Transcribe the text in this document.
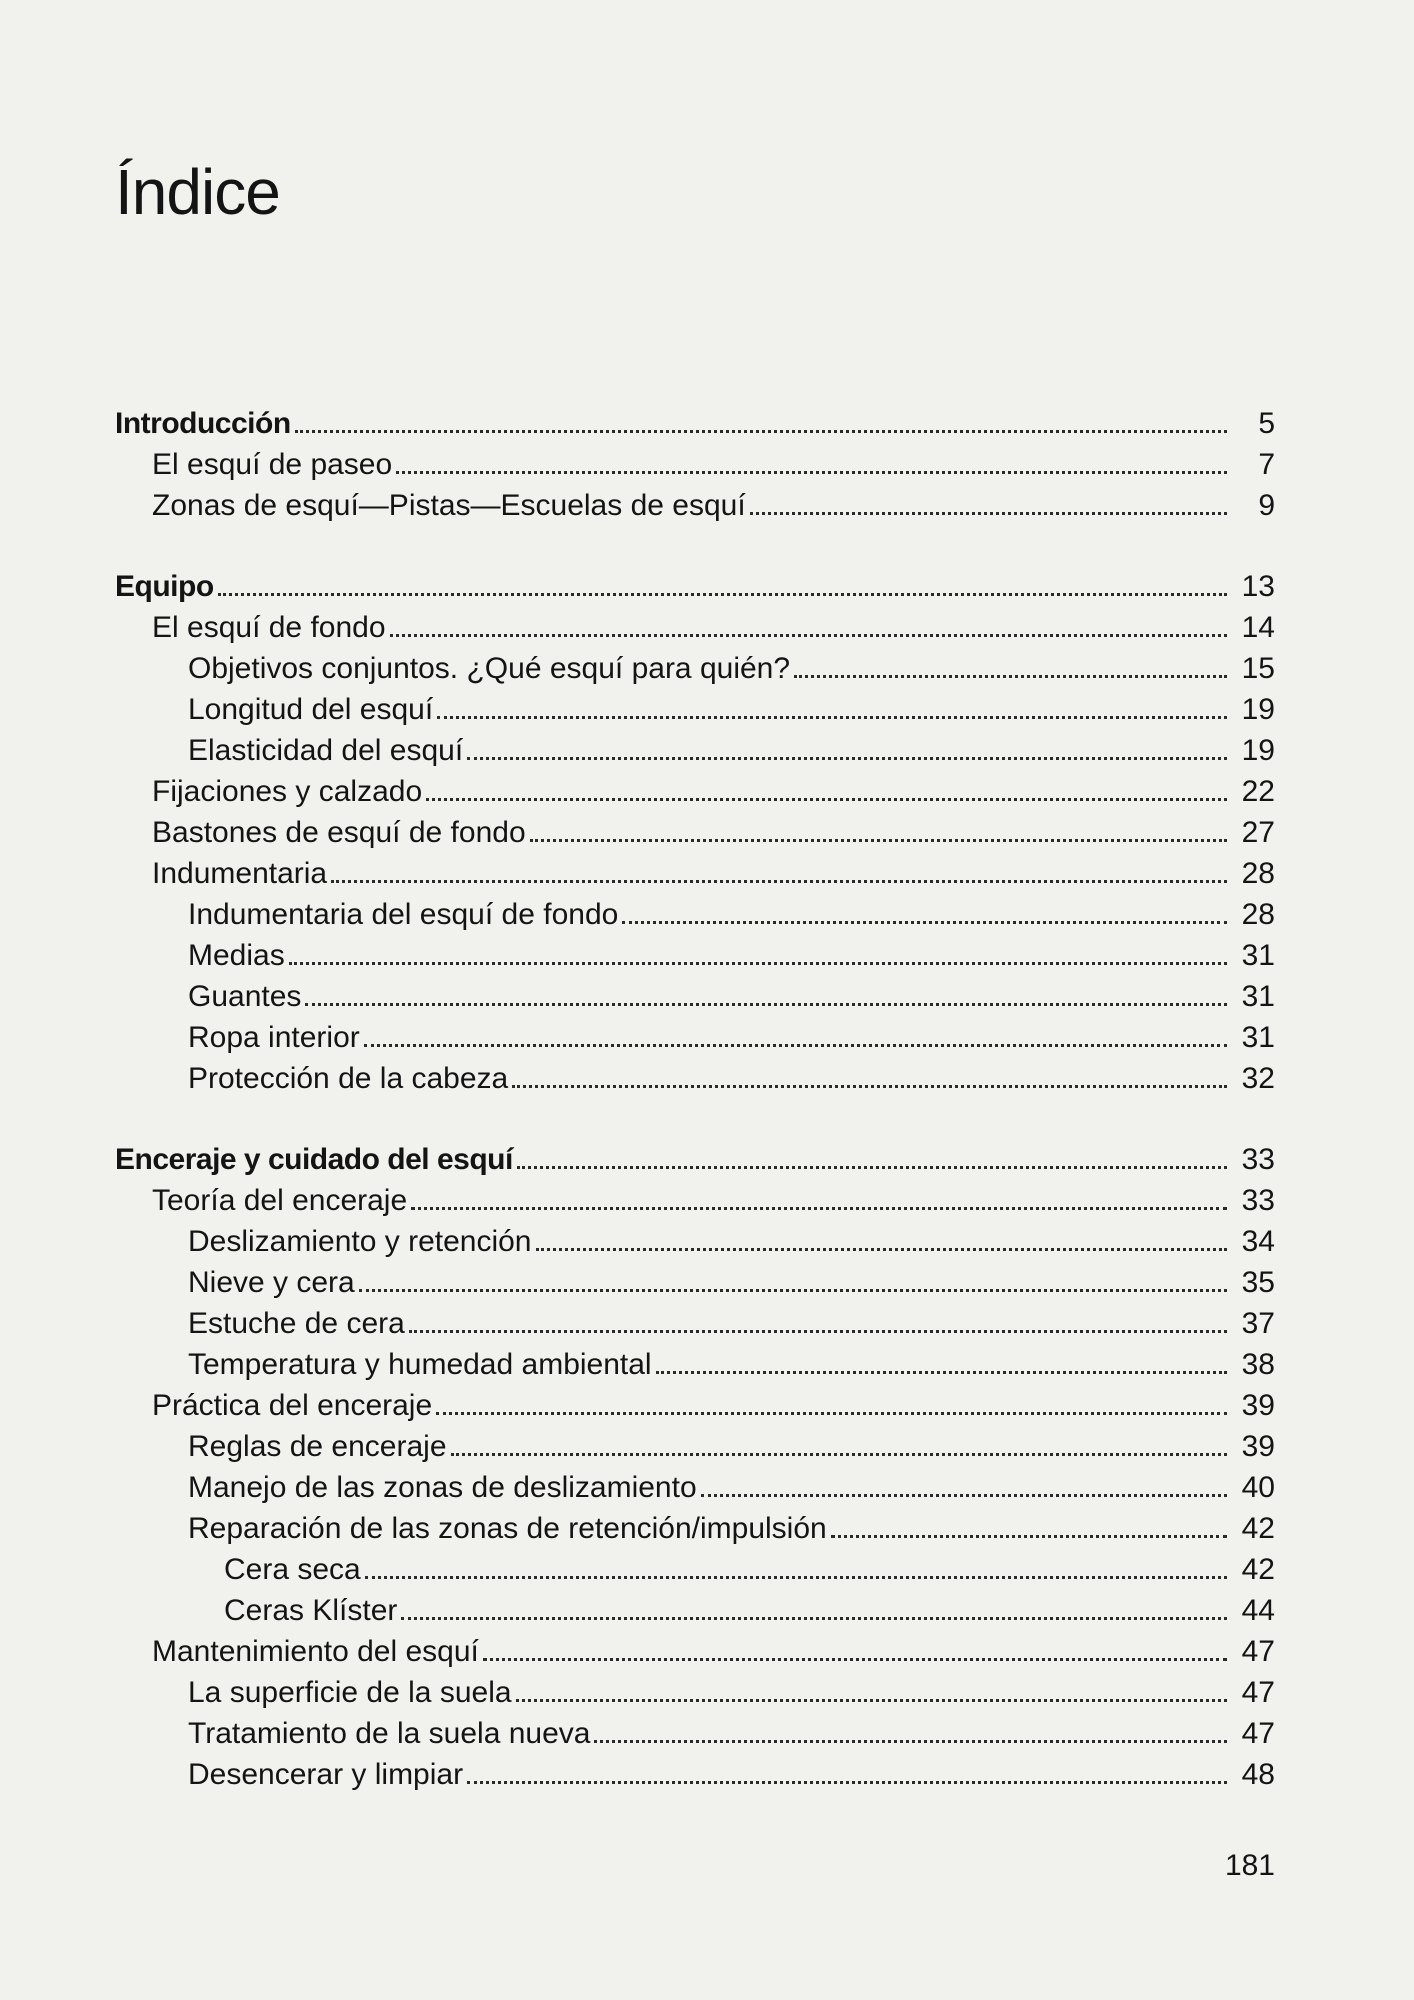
Índice
Introducción	5
El esquí de paseo	7
Zonas de esquí—Pistas—Escuelas de esquí	9
Equipo	13
El esquí de fondo	14
Objetivos conjuntos. ¿Qué esquí para quién?	15
Longitud del esquí	19
Elasticidad del esquí	19
Fijaciones y calzado	22
Bastones de esquí de fondo	27
Indumentaria	28
Indumentaria del esquí de fondo	28
Medias	31
Guantes	31
Ropa interior	31
Protección de la cabeza	32
Enceraje y cuidado del esquí	33
Teoría del enceraje	33
Deslizamiento y retención	34
Nieve y cera	35
Estuche de cera	37
Temperatura y humedad ambiental	38
Práctica del enceraje	39
Reglas de enceraje	39
Manejo de las zonas de deslizamiento	40
Reparación de las zonas de retención/impulsión	42
Cera seca	42
Ceras Klíster	44
Mantenimiento del esquí	47
La superficie de la suela	47
Tratamiento de la suela nueva	47
Desencerar y limpiar	48
181
